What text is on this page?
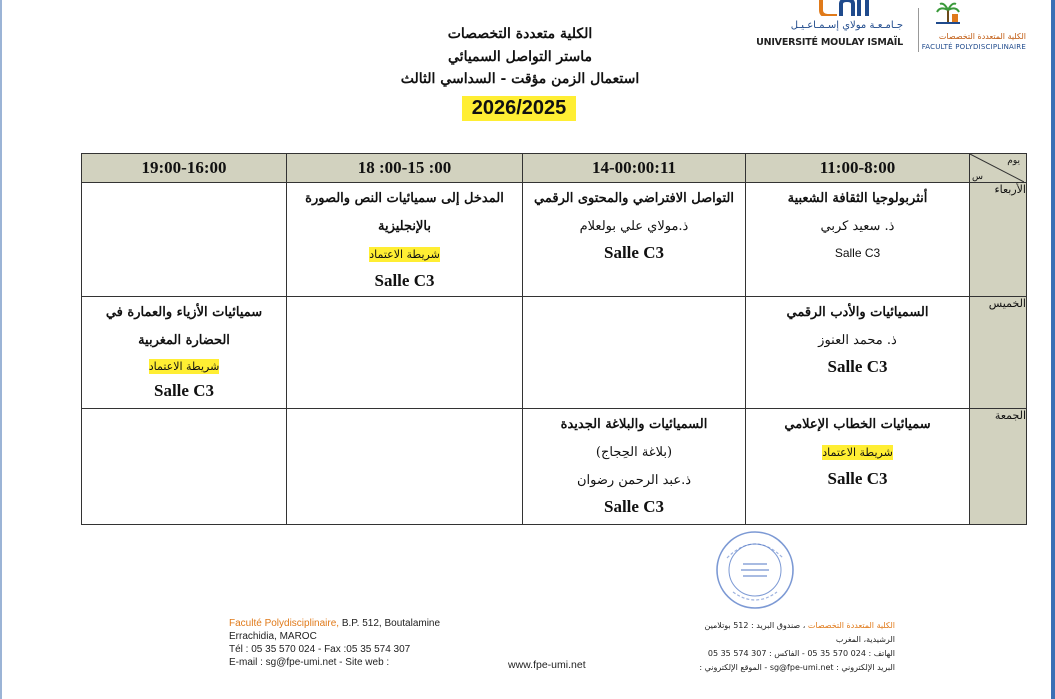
الكلية المتعددة التخصصات
FACULTÉ POLYDISCIPLINAIRE
جـامـعـة مولاي إسـمـاعـيـل
UNIVERSITÉ MOULAY ISMAÏL
الكلية متعددة التخصصات
ماستر التواصل السميائي
استعمال الزمن مؤقت - السداسي الثالث
2026/2025
19:00-16:00	18 :00-15 :00	14-00:00:11	11:00-8:00	يوم
س

	المدخل إلى سميائيات النص والصورة
بالإنجليزية
شريطة الاعتماد
Salle C3	التواصل الافتراضي والمحتوى الرقمي
ذ.مولاي علي بولعلام
Salle C3	أنثربولوجيا الثقافة الشعبية
ذ. سعيد كربي
Salle C3	الأربعاء

سميائيات الأزياء والعمارة في
الحضارة المغربية
شريطة الاعتماد
Salle C3			السميائيات والأدب الرقمي
ذ. محمد العنوز
Salle C3	الخميس

		السميائيات والبلاغة الجديدة
(بلاغة الحِجاج)
ذ.عبد الرحمن رضوان
Salle C3	سميائيات الخطاب الإعلامي
شريطة الاعتماد
Salle C3	الجمعة
Faculté Polydisciplinaire, B.P. 512, Boutalamine
Errachidia, MAROC
Tél : 05 35 570 024 - Fax :05 35 574 307
E-mail : sg@fpe-umi.net - Site web :	www.fpe-umi.net
الكلية المتعددة التخصصات ، صندوق البريد : 512 بوتلامين
الرشيدية، المغرب
الهاتف : 024 570 35 05 - الفاكس : 307 574 35 05
البريد الإلكتروني : sg@fpe-umi.net - الموقع الإلكتروني :
